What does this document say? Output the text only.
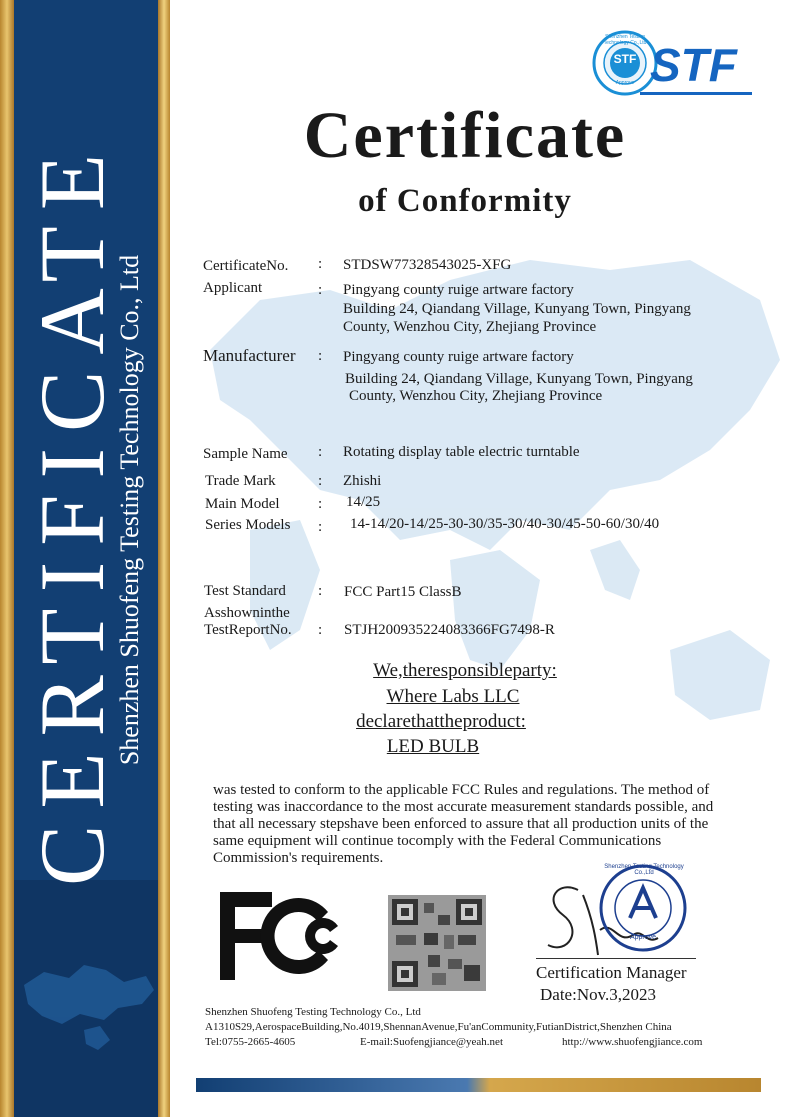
CERTIFICATE
Shenzhen Shuofeng Testing Technology Co., Ltd
STF
Shenzhen Testing Technology Co.,Ltd
Approve STF
Certificate
of Conformity
CertificateNo. : STDSW77328543025-XFG
Applicant	: Pingyang county ruige artware factory
Building 24, Qiandang Village, Kunyang Town, Pingyang
County, Wenzhou City, Zhejiang Province
Manufacturer : Pingyang county ruige artware factory
Building 24, Qiandang Village, Kunyang Town, Pingyang
County, Wenzhou City, Zhejiang Province
Sample Name : Rotating display table electric turntable
Trade Mark	: Zhishi
Main Model	: 14/25
Series Models : 14-14/20-14/25-30-30/35-30/40-30/45-50-60/30/40
Test Standard : FCC Part15 ClassB
Asshowninthe
TestReportNo. : STJH200935224083366FG7498-R
We,theresponsibleparty:
Where Labs LLC
declarethattheproduct:
LED BULB
was tested to conform to the applicable FCC Rules and regulations. The method of
testing was inaccordance to the most accurate measurement standards possible, and
that all necessary stepshave been enforced to assure that all production units of the
same equipment will continue tocomply with the Federal Communications
Commission's requirements.
Shenzhen Testing Technology Co.,Ltd
Approve
Certification Manager
Date:Nov.3,2023
Shenzhen Shuofeng Testing Technology Co., Ltd
A1310S29,AerospaceBuilding,No.4019,ShennanAvenue,Fu'anCommunity,FutianDistrict,Shenzhen China
Tel:0755-2665-4605	E-mail:Suofengjiance@yeah.net	http://www.shuofengjiance.com
